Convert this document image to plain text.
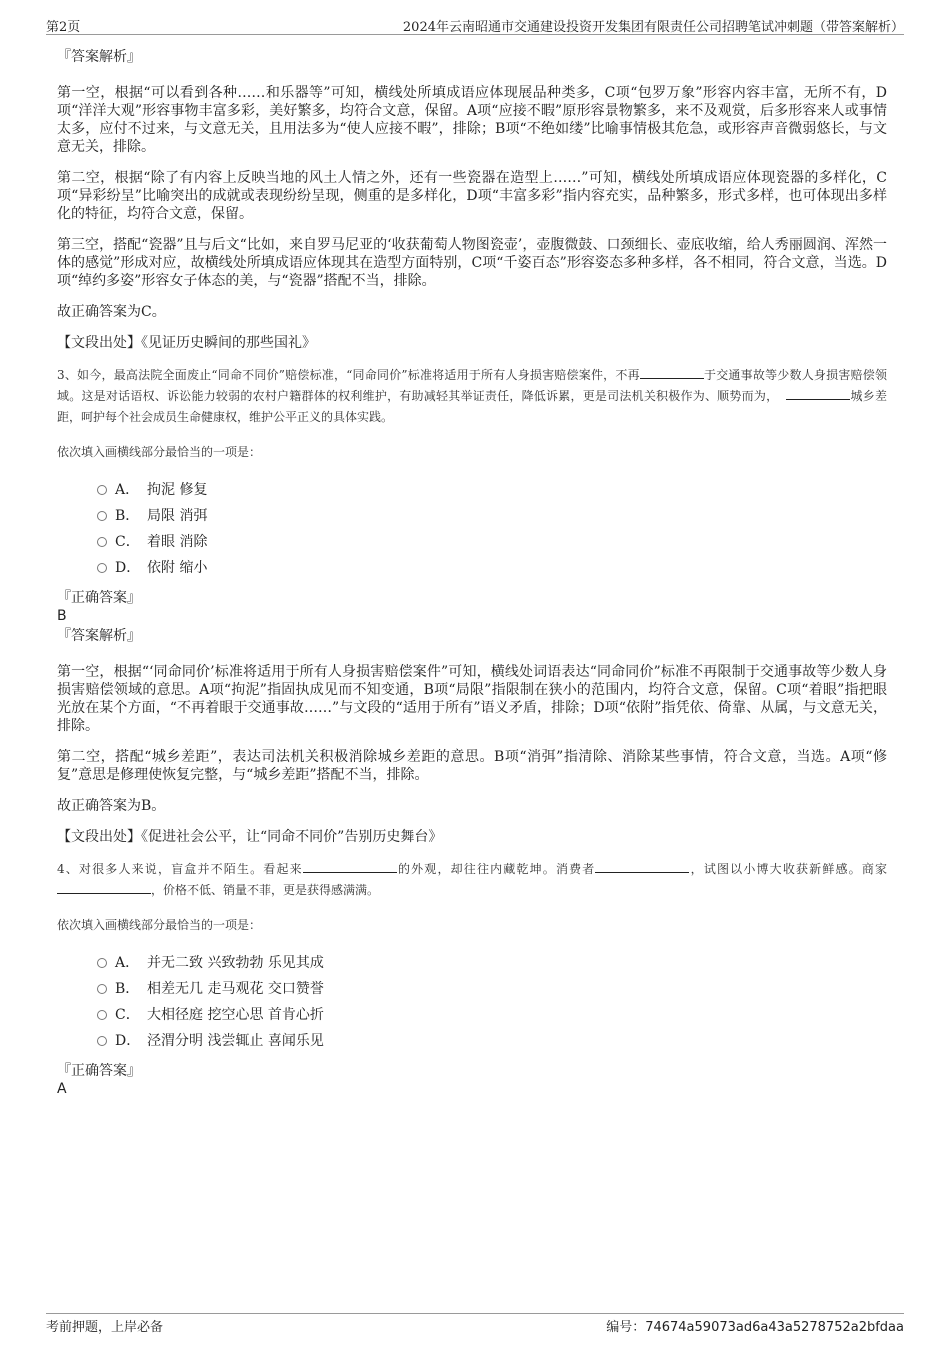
第2页	2024年云南昭通市交通建设投资开发集团有限责任公司招聘笔试冲刺题（带答案解析）

『答案解析』

第一空，根据“可以看到各种……和乐器等”可知，横线处所填成语应体现展品种类多，C项“包罗万象”形容内容丰富，无所不有，D项“洋洋大观”形容事物丰富多彩，美好繁多，均符合文意，保留。A项“应接不暇”原形容景物繁多，来不及观赏，后多形容来人或事情太多，应付不过来，与文意无关，且用法多为“使人应接不暇”，排除；B项“不绝如缕”比喻事情极其危急，或形容声音微弱悠长，与文意无关，排除。

第二空，根据“除了有内容上反映当地的风土人情之外，还有一些瓷器在造型上……”可知，横线处所填成语应体现瓷器的多样化，C项“异彩纷呈”比喻突出的成就或表现纷纷呈现，侧重的是多样化，D项“丰富多彩”指内容充实，品种繁多，形式多样，也可体现出多样化的特征，均符合文意，保留。

第三空，搭配“瓷器”且与后文“比如，来自罗马尼亚的‘收获葡萄人物图瓷壶’，壶腹微鼓、口颈细长、壶底收缩，给人秀丽圆润、浑然一体的感觉”形成对应，故横线处所填成语应体现其在造型方面特别，C项“千姿百态”形容姿态多种多样，各不相同，符合文意，当选。D项“绰约多姿”形容女子体态的美，与“瓷器”搭配不当，排除。

故正确答案为C。

【文段出处】《见证历史瞬间的那些国礼》

3、如今，最高法院全面废止“同命不同价”赔偿标准，“同命同价”标准将适用于所有人身损害赔偿案件，不再	于交通事故等少数人身损害赔偿领域。这是对话语权、诉讼能力较弱的农村户籍群体的权利维护，有助减轻其举证责任，降低诉累，更是司法机关积极作为、顺势而为，	城乡差距，呵护每个社会成员生命健康权，维护公平正义的具体实践。

依次填入画横线部分最恰当的一项是：

A． 拘泥 修复
B． 局限 消弭
C． 着眼 消除
D． 依附 缩小

『正确答案』

B

『答案解析』

第一空，根据“‘同命同价’标准将适用于所有人身损害赔偿案件”可知，横线处词语表达“同命同价”标准不再限制于交通事故等少数人身损害赔偿领域的意思。A项“拘泥”指固执成见而不知变通，B项“局限”指限制在狭小的范围内，均符合文意，保留。C项“着眼”指把眼光放在某个方面，“不再着眼于交通事故……”与文段的“适用于所有”语义矛盾，排除；D项“依附”指凭依、倚靠、从属，与文意无关，排除。

第二空，搭配“城乡差距”，表达司法机关积极消除城乡差距的意思。B项“消弭”指清除、消除某些事情，符合文意，当选。A项“修复”意思是修理使恢复完整，与“城乡差距”搭配不当，排除。

故正确答案为B。

【文段出处】《促进社会公平，让“同命不同价”告别历史舞台》

4、对很多人来说，盲盒并不陌生。看起来	的外观，却往往内藏乾坤。消费者	，试图以小博大收获新鲜感。商家，价格不低、销量不菲，更是获得感满满。

依次填入画横线部分最恰当的一项是：

A． 并无二致 兴致勃勃 乐见其成
B． 相差无几 走马观花 交口赞誉
C． 大相径庭 挖空心思 首肯心折
D． 泾渭分明 浅尝辄止 喜闻乐见

『正确答案』

A

考前押题，上岸必备	编号：74674a59073ad6a43a5278752a2bfdaa
